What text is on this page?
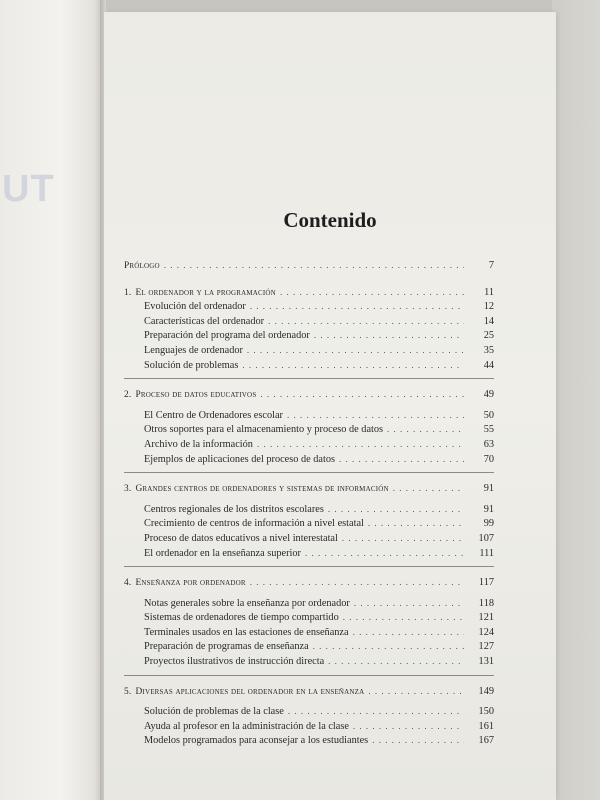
UT
Contenido
Prólogo . . .	7
1. El ordenador y la programación . . .	11
Evolución del ordenador . . .	12
Características del ordenador . . .	14
Preparación del programa del ordenador . . .	25
Lenguajes de ordenador . . .	35
Solución de problemas . . .	44
2. Proceso de datos educativos . . .	49
El Centro de Ordenadores escolar . . .	50
Otros soportes para el almacenamiento y proceso de datos . . .	55
Archivo de la información . . .	63
Ejemplos de aplicaciones del proceso de datos . . .	70
3. Grandes centros de ordenadores y sistemas de información . . .	91
Centros regionales de los distritos escolares . . .	91
Crecimiento de centros de información a nivel estatal . . .	99
Proceso de datos educativos a nivel interestatal . . .	107
El ordenador en la enseñanza superior . . .	111
4. Enseñanza por ordenador . . .	117
Notas generales sobre la enseñanza por ordenador . . .	118
Sistemas de ordenadores de tiempo compartido . . .	121
Terminales usados en las estaciones de enseñanza . . .	124
Preparación de programas de enseñanza . . .	127
Proyectos ilustrativos de instrucción directa . . .	131
5. Diversas aplicaciones del ordenador en la enseñanza . . .	149
Solución de problemas de la clase . . .	150
Ayuda al profesor en la administración de la clase . . .	161
Modelos programados para aconsejar a los estudiantes . . .	167
